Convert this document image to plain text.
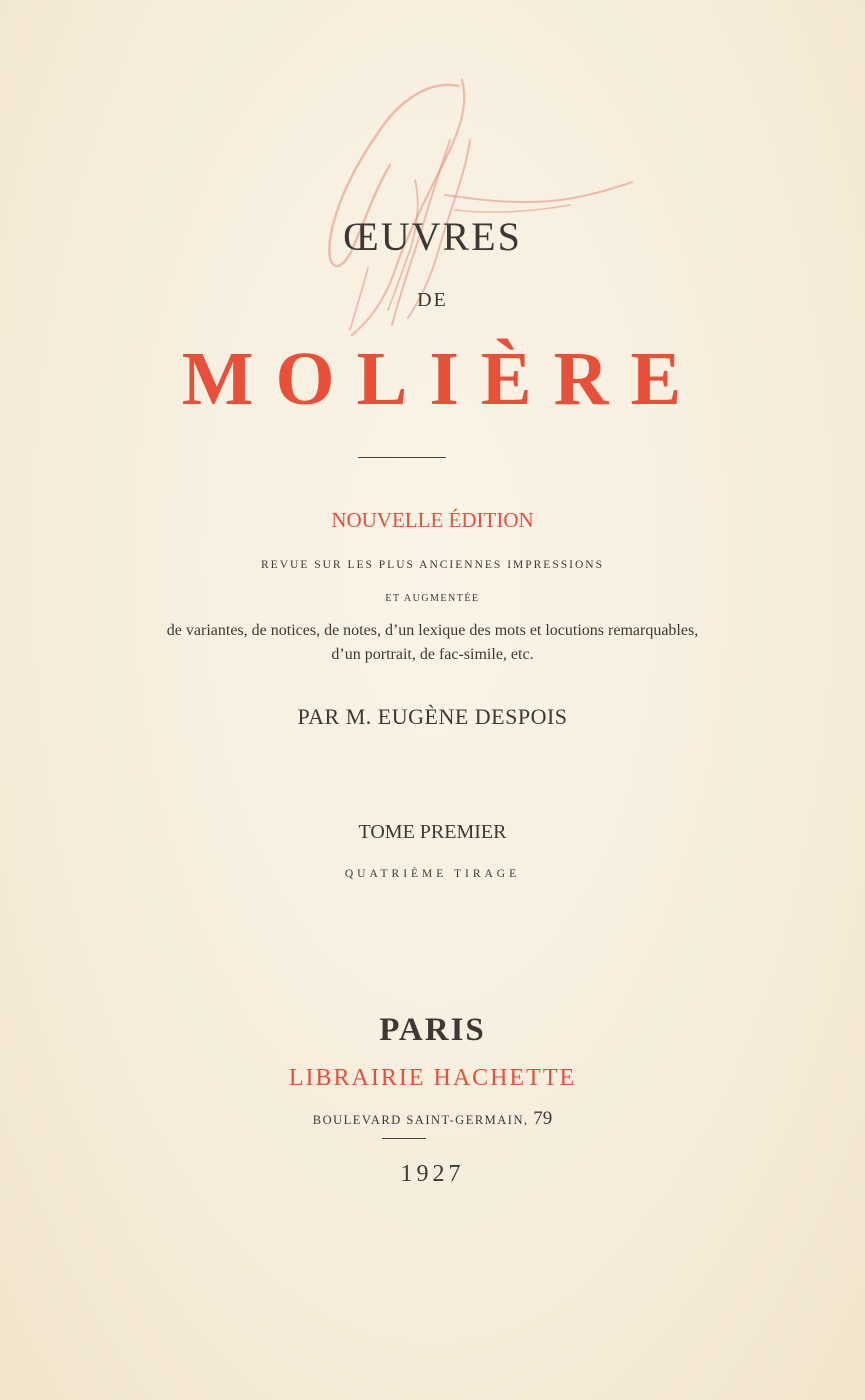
ŒUVRES
DE
MOLIÈRE
NOUVELLE ÉDITION
REVUE SUR LES PLUS ANCIENNES IMPRESSIONS
ET AUGMENTÉE
de variantes, de notices, de notes, d’un lexique des mots et locutions remarquables,
d’un portrait, de fac-simile, etc.
PAR M. EUGÈNE DESPOIS
TOME PREMIER
QUATRIÈME TIRAGE
PARIS
LIBRAIRIE HACHETTE
BOULEVARD SAINT-GERMAIN, 79
1927
